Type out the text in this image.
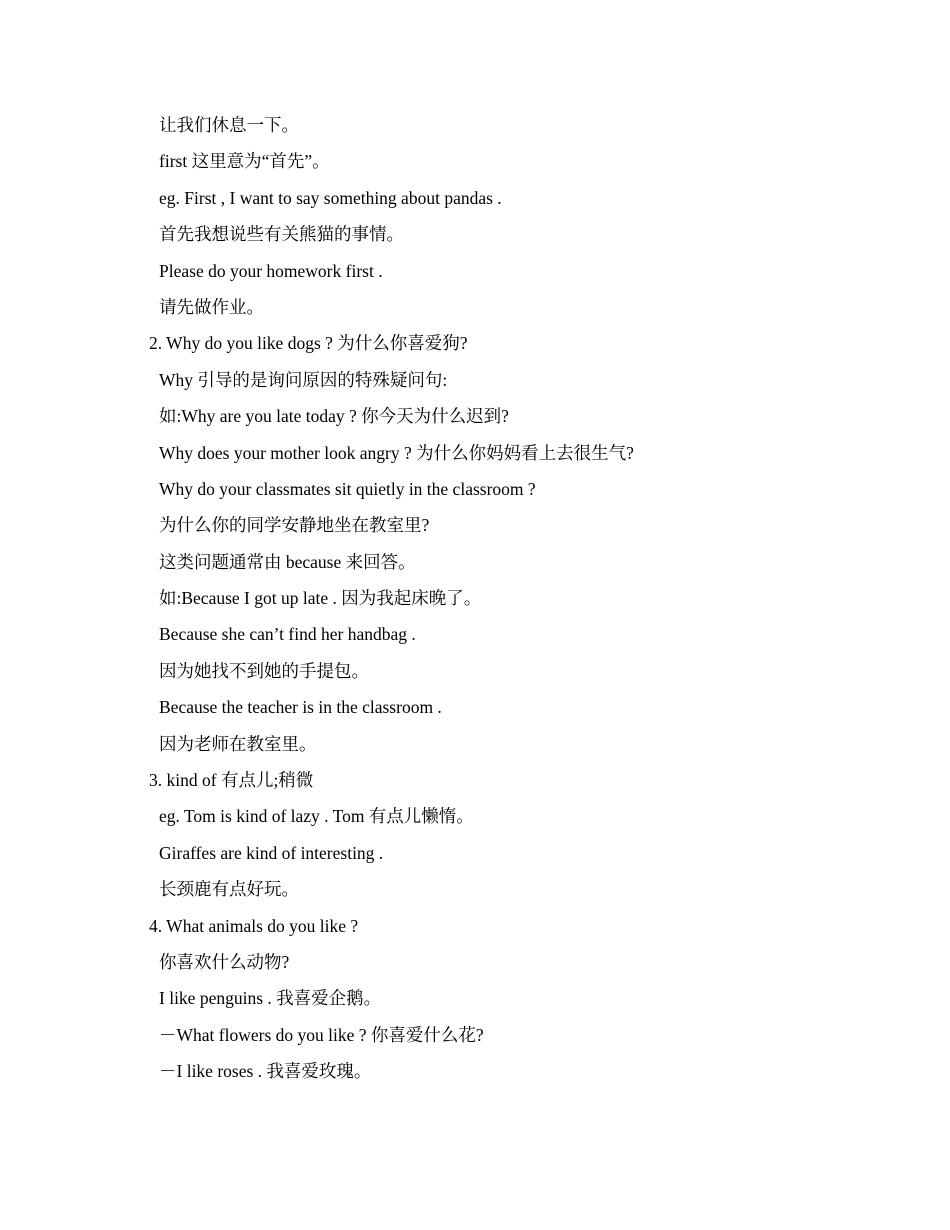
让我们休息一下。
first 这里意为“首先”。
eg. First , I want to say something about pandas .
首先我想说些有关熊猫的事情。
Please do your homework first .
请先做作业。
2. Why do you like dogs ? 为什么你喜爱狗?
Why 引导的是询问原因的特殊疑问句:
如:Why are you late today ? 你今天为什么迟到?
Why does your mother look angry ? 为什么你妈妈看上去很生气?
Why do your classmates sit quietly in the classroom ?
为什么你的同学安静地坐在教室里?
这类问题通常由 because 来回答。
如:Because I got up late . 因为我起床晚了。
Because she can’t find her handbag .
因为她找不到她的手提包。
Because the teacher is in the classroom .
因为老师在教室里。
3. kind of 有点儿;稍微
eg. Tom is kind of lazy . Tom 有点儿懒惰。
Giraffes are kind of interesting .
长颈鹿有点好玩。
4. What animals do you like ?
你喜欢什么动物?
I like penguins . 我喜爱企鹅。
－What flowers do you like ? 你喜爱什么花?
－I like roses . 我喜爱玫瑰。
